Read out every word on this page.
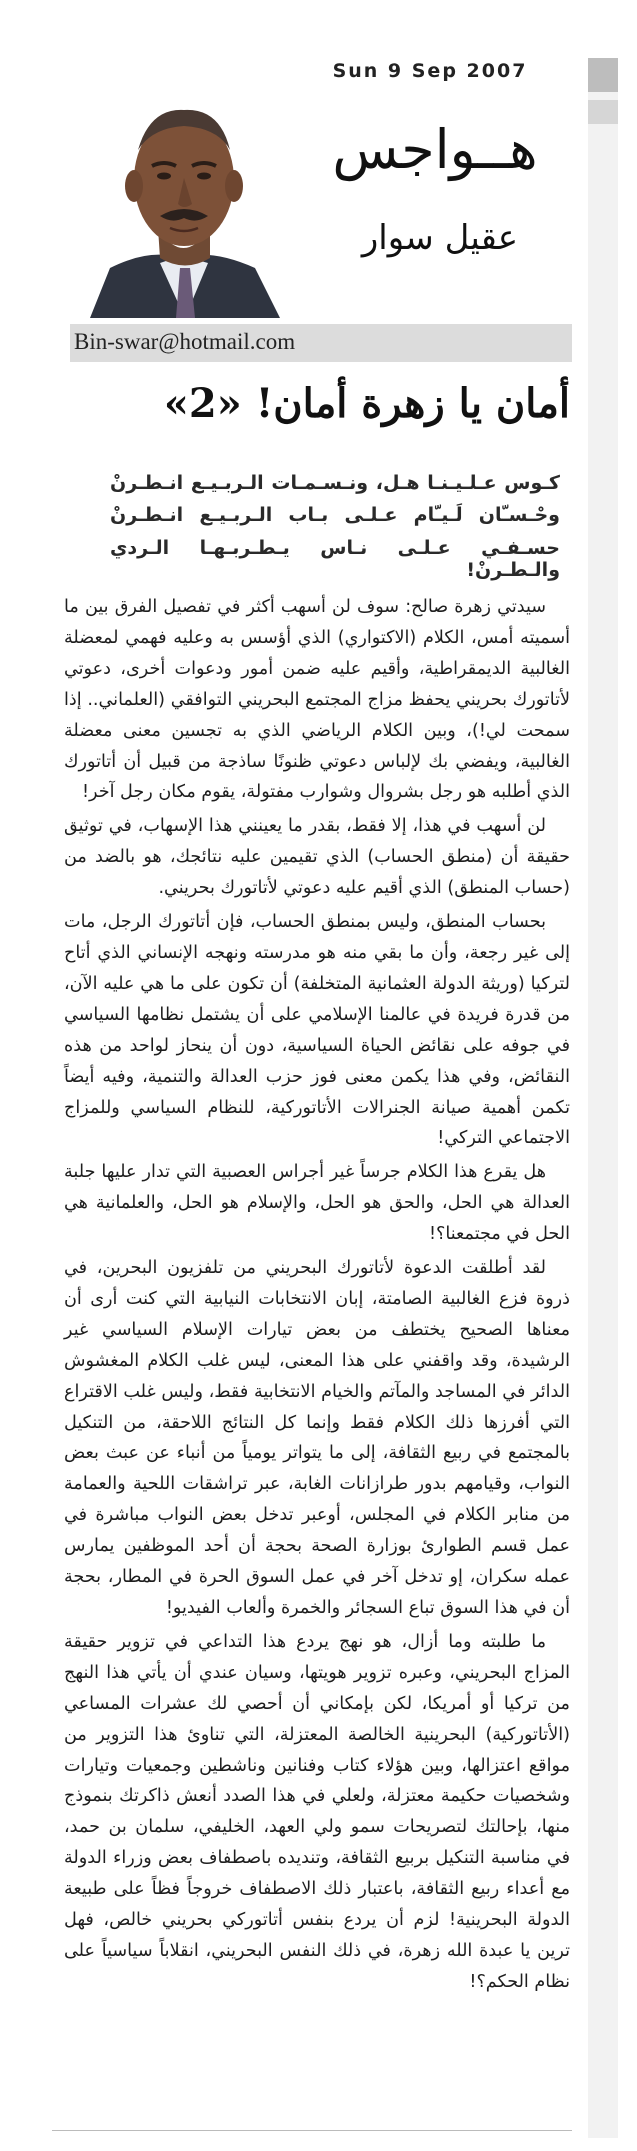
Sun 9 Sep 2007
هــواجس
عقيل سوار
Bin-swar@hotmail.com
أمان يا زهرة أمان! «2»
كـوس عـلـيـنـا هـل، ونـسـمـات الـربـيـع انـطـرنْ
وحْـسـّان لَـيـّام عـلـى بـاب الـربـيـع انـطـرنْ
حسـفـي عـلـى نـاس يـطـربـهـا الـردي والـطـرنْ!

سيدتي زهرة صالح: سوف لن أسهب أكثر في تفصيل الفرق بين ما أسميته أمس، الكلام (الاكتواري) الذي أؤسس به وعليه فهمي لمعضلة الغالبية الديمقراطية، وأقيم عليه ضمن أمور ودعوات أخرى، دعوتي لأتاتورك بحريني يحفظ مزاج المجتمع البحريني التوافقي (العلماني.. إذا سمحت لي!)، وبين الكلام الرياضي الذي به تجسين معنى معضلة الغالبية، ويفضي بك لإلباس دعوتي ظنونًا ساذجة من قبيل أن أتاتورك الذي أطلبه هو رجل بشروال وشوارب مفتولة، يقوم مكان رجل آخر!

لن أسهب في هذا، إلا فقط، بقدر ما يعينني هذا الإسهاب، في توثيق حقيقة أن (منطق الحساب) الذي تقيمين عليه نتائجك، هو بالضد من (حساب المنطق) الذي أقيم عليه دعوتي لأتاتورك بحريني.

بحساب المنطق، وليس بمنطق الحساب، فإن أتاتورك الرجل، مات إلى غير رجعة، وأن ما بقي منه هو مدرسته ونهجه الإنساني الذي أتاح لتركيا (وريثة الدولة العثمانية المتخلفة) أن تكون على ما هي عليه الآن، من قدرة فريدة في عالمنا الإسلامي على أن يشتمل نظامها السياسي في جوفه على نقائض الحياة السياسية، دون أن ينحاز لواحد من هذه النقائض، وفي هذا يكمن معنى فوز حزب العدالة والتنمية، وفيه أيضاً تكمن أهمية صيانة الجنرالات الأتاتوركية، للنظام السياسي وللمزاج الاجتماعي التركي!

هل يقرع هذا الكلام جرساً غير أجراس العصبية التي تدار عليها جلبة العدالة هي الحل، والحق هو الحل، والإسلام هو الحل، والعلمانية هي الحل في مجتمعنا؟!

لقد أطلقت الدعوة لأتاتورك البحريني من تلفزيون البحرين، في ذروة فزع الغالبية الصامتة، إبان الانتخابات النيابية التي كنت أرى أن معناها الصحيح يختطف من بعض تيارات الإسلام السياسي غير الرشيدة، وقد واقفني على هذا المعنى، ليس غلب الكلام المغشوش الدائر في المساجد والمآتم والخيام الانتخابية فقط، وليس غلب الاقتراع التي أفرزها ذلك الكلام فقط وإنما كل النتائج اللاحقة، من التنكيل بالمجتمع في ربيع الثقافة، إلى ما يتواتر يومياً من أنباء عن عبث بعض النواب، وقيامهم بدور طرازانات الغابة، عبر تراشقات اللحية والعمامة من منابر الكلام في المجلس، أوعبر تدخل بعض النواب مباشرة في عمل قسم الطوارئ بوزارة الصحة بحجة أن أحد الموظفين يمارس عمله سكران، إو تدخل آخر في عمل السوق الحرة في المطار، بحجة أن في هذا السوق تباع السجائر والخمرة وألعاب الفيديو!

ما طلبته وما أزال، هو نهج يردع هذا التداعي في تزوير حقيقة المزاج البحريني، وعبره تزوير هويتها، وسيان عندي أن يأتي هذا النهج من تركيا أو أمريكا، لكن بإمكاني أن أحصي لك عشرات المساعي (الأتاتوركية) البحرينية الخالصة المعتزلة، التي تناوئ هذا التزوير من مواقع اعتزالها، وبين هؤلاء كتاب وفنانين وناشطين وجمعيات وتيارات وشخصيات حكيمة معتزلة، ولعلي في هذا الصدد أنعش ذاكرتك بنموذج منها، بإحالتك لتصريحات سمو ولي العهد، الخليفي، سلمان بن حمد، في مناسبة التنكيل بربيع الثقافة، وتنديده باصطفاف بعض وزراء الدولة مع أعداء ربيع الثقافة، باعتبار ذلك الاصطفاف خروجاً فظاً على طبيعة الدولة البحرينية! لزم أن يردع بنفس أتاتوركي بحريني خالص، فهل ترين يا عبدة الله زهرة، في ذلك النفس البحريني، انقلاباً سياسياً على نظام الحكم؟!
